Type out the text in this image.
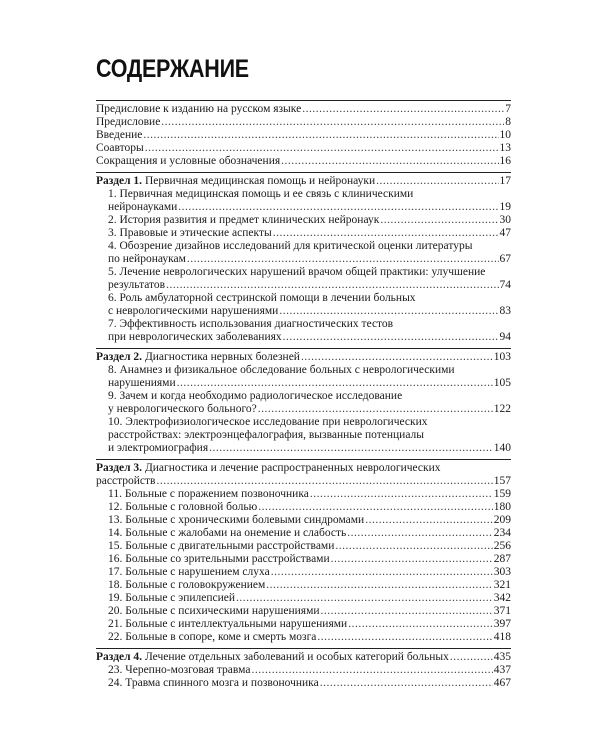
СОДЕРЖАНИЕ
Предисловие к изданию на русском языке .....	7
Предисловие .....	8
Введение .....	10
Соавторы .....	13
Сокращения и условные обозначения .....	16
Раздел 1. Первичная медицинская помощь и нейронауки .....	17
1. Первичная медицинская помощь и ее связь с клиническими
нейронауками .....	19
2. История развития и предмет клинических нейронаук .....	30
3. Правовые и этические аспекты .....	47
4. Обозрение дизайнов исследований для критической оценки литературы
по нейронаукам .....	67
5. Лечение неврологических нарушений врачом общей практики: улучшение
результатов .....	74
6. Роль амбулаторной сестринской помощи в лечении больных
с неврологическими нарушениями .....	83
7. Эффективность использования диагностических тестов
при неврологических заболеваниях .....	94
Раздел 2. Диагностика нервных болезней .....	103
8. Анамнез и физикальное обследование больных с неврологическими
нарушениями .....	105
9. Зачем и когда необходимо радиологическое исследование
у неврологического больного? .....	122
10. Электрофизиологическое исследование при неврологических
расстройствах: электроэнцефалография, вызванные потенциалы
и электромиография .....	140
Раздел 3. Диагностика и лечение распространенных неврологических
расстройств .....	157
11. Больные с поражением позвоночника .....	159
12. Больные с головной болью .....	180
13. Больные с хроническими болевыми синдромами .....	209
14. Больные с жалобами на онемение и слабость .....	234
15. Больные с двигательными расстройствами .....	256
16. Больные со зрительными расстройствами .....	287
17. Больные с нарушением слуха .....	303
18. Больные с головокружением .....	321
19. Больные с эпилепсией .....	342
20. Больные с психическими нарушениями .....	371
21. Больные с интеллектуальными нарушениями .....	397
22. Больные в сопоре, коме и смерть мозга .....	418
Раздел 4. Лечение отдельных заболеваний и особых категорий больных .....	435
23. Черепно-мозговая травма .....	437
24. Травма спинного мозга и позвоночника .....	467
